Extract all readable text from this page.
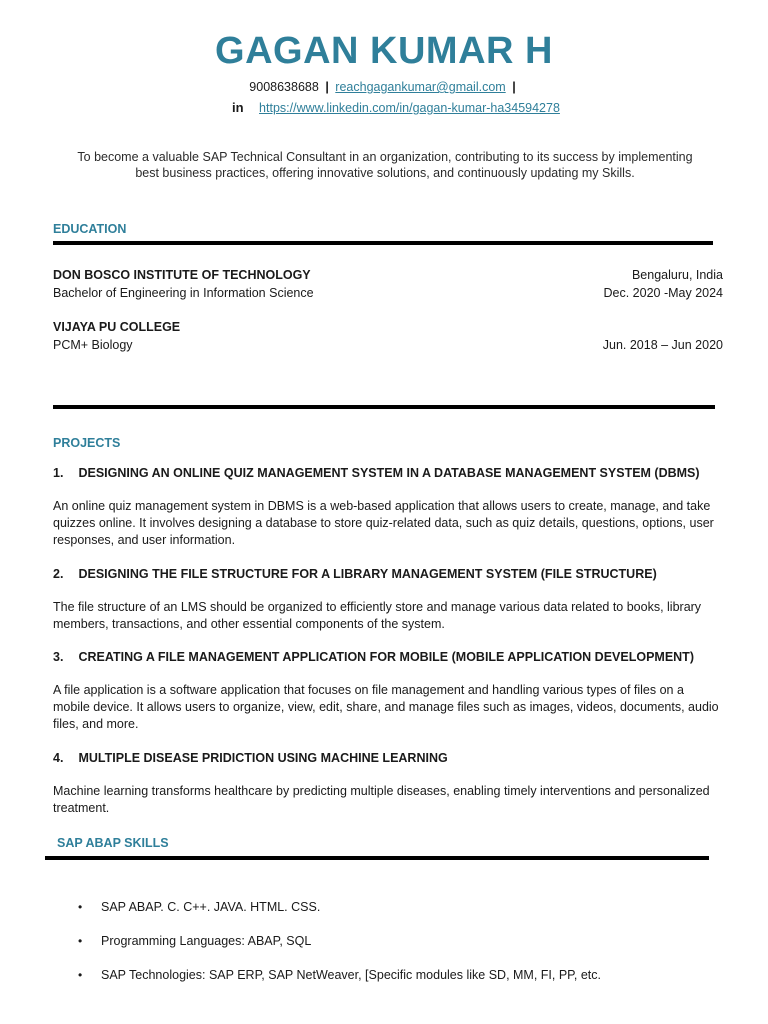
GAGAN KUMAR H
9008638688 | reachgagankumar@gmail.com |
in https://www.linkedin.com/in/gagan-kumar-ha34594278
To become a valuable SAP Technical Consultant in an organization, contributing to its success by implementing best business practices, offering innovative solutions, and continuously updating my Skills.
EDUCATION
DON BOSCO INSTITUTE OF TECHNOLOGY	Bengaluru, India
Bachelor of Engineering in Information Science	Dec. 2020 -May 2024
VIJAYA PU COLLEGE
PCM+ Biology	Jun. 2018 – Jun 2020
PROJECTS
1. DESIGNING AN ONLINE QUIZ MANAGEMENT SYSTEM IN A DATABASE MANAGEMENT SYSTEM (DBMS)
An online quiz management system in DBMS is a web-based application that allows users to create, manage, and take quizzes online. It involves designing a database to store quiz-related data, such as quiz details, questions, options, user responses, and user information.
2. DESIGNING THE FILE STRUCTURE FOR A LIBRARY MANAGEMENT SYSTEM (FILE STRUCTURE)
The file structure of an LMS should be organized to efficiently store and manage various data related to books, library members, transactions, and other essential components of the system.
3. CREATING A FILE MANAGEMENT APPLICATION FOR MOBILE (MOBILE APPLICATION DEVELOPMENT)
A file application is a software application that focuses on file management and handling various types of files on a mobile device. It allows users to organize, view, edit, share, and manage files such as images, videos, documents, audio files, and more.
4. MULTIPLE DISEASE PRIDICTION USING MACHINE LEARNING
Machine learning transforms healthcare by predicting multiple diseases, enabling timely interventions and personalized treatment.
SAP ABAP SKILLS
•	SAP ABAP. C. C++. JAVA. HTML. CSS.
•	Programming Languages: ABAP, SQL
•	SAP Technologies: SAP ERP, SAP NetWeaver, [Specific modules like SD, MM, FI, PP, etc.
